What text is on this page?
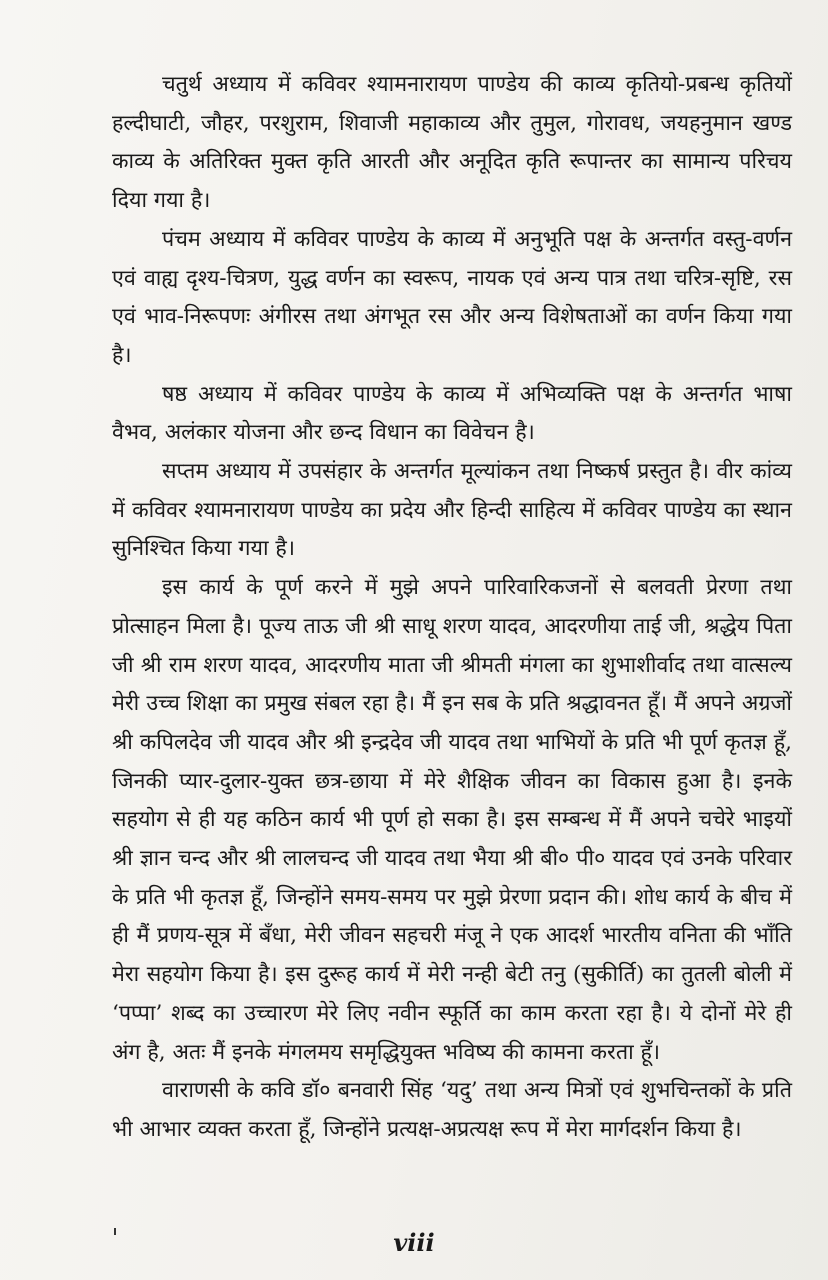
चतुर्थ अध्याय में कविवर श्यामनारायण पाण्डेय की काव्य कृतियो-प्रबन्ध कृतियों हल्दीघाटी, जौहर, परशुराम, शिवाजी महाकाव्य और तुमुल, गोरावध, जयहनुमान खण्ड काव्य के अतिरिक्त मुक्त कृति आरती और अनूदित कृति रूपान्तर का सामान्य परिचय दिया गया है।

पंचम अध्याय में कविवर पाण्डेय के काव्य में अनुभूति पक्ष के अन्तर्गत वस्तु-वर्णन एवं वाह्य दृश्य-चित्रण, युद्ध वर्णन का स्वरूप, नायक एवं अन्य पात्र तथा चरित्र-सृष्टि, रस एवं भाव-निरूपणः अंगीरस तथा अंगभूत रस और अन्य विशेषताओं का वर्णन किया गया है।

षष्ठ अध्याय में कविवर पाण्डेय के काव्य में अभिव्यक्ति पक्ष के अन्तर्गत भाषा वैभव, अलंकार योजना और छन्द विधान का विवेचन है।

सप्तम अध्याय में उपसंहार के अन्तर्गत मूल्यांकन तथा निष्कर्ष प्रस्तुत है। वीर कांव्य में कविवर श्यामनारायण पाण्डेय का प्रदेय और हिन्दी साहित्य में कविवर पाण्डेय का स्थान सुनिश्चित किया गया है।

इस कार्य के पूर्ण करने में मुझे अपने पारिवारिकजनों से बलवती प्रेरणा तथा प्रोत्साहन मिला है। पूज्य ताऊ जी श्री साधू शरण यादव, आदरणीया ताई जी, श्रद्धेय पिता जी श्री राम शरण यादव, आदरणीय माता जी श्रीमती मंगला का शुभाशीर्वाद तथा वात्सल्य मेरी उच्च शिक्षा का प्रमुख संबल रहा है। मैं इन सब के प्रति श्रद्धावनत हूँ। मैं अपने अग्रजों श्री कपिलदेव जी यादव और श्री इन्द्रदेव जी यादव तथा भाभियों के प्रति भी पूर्ण कृतज्ञ हूँ, जिनकी प्यार-दुलार-युक्त छत्र-छाया में मेरे शैक्षिक जीवन का विकास हुआ है। इनके सहयोग से ही यह कठिन कार्य भी पूर्ण हो सका है। इस सम्बन्ध में मैं अपने चचेरे भाइयों श्री ज्ञान चन्द और श्री लालचन्द जी यादव तथा भैया श्री बी० पी० यादव एवं उनके परिवार के प्रति भी कृतज्ञ हूँ, जिन्होंने समय-समय पर मुझे प्रेरणा प्रदान की। शोध कार्य के बीच में ही मैं प्रणय-सूत्र में बँधा, मेरी जीवन सहचरी मंजू ने एक आदर्श भारतीय वनिता की भाँति मेरा सहयोग किया है। इस दुरूह कार्य में मेरी नन्ही बेटी तनु (सुकीर्ति) का तुतली बोली में ‘पप्पा’ शब्द का उच्चारण मेरे लिए नवीन स्फूर्ति का काम करता रहा है। ये दोनों मेरे ही अंग है, अतः मैं इनके मंगलमय समृद्धियुक्त भविष्य की कामना करता हूँ।

वाराणसी के कवि डॉ० बनवारी सिंह ‘यदु’ तथा अन्य मित्रों एवं शुभचिन्तकों के प्रति भी आभार व्यक्त करता हूँ, जिन्होंने प्रत्यक्ष-अप्रत्यक्ष रूप में मेरा मार्गदर्शन किया है।

viii
